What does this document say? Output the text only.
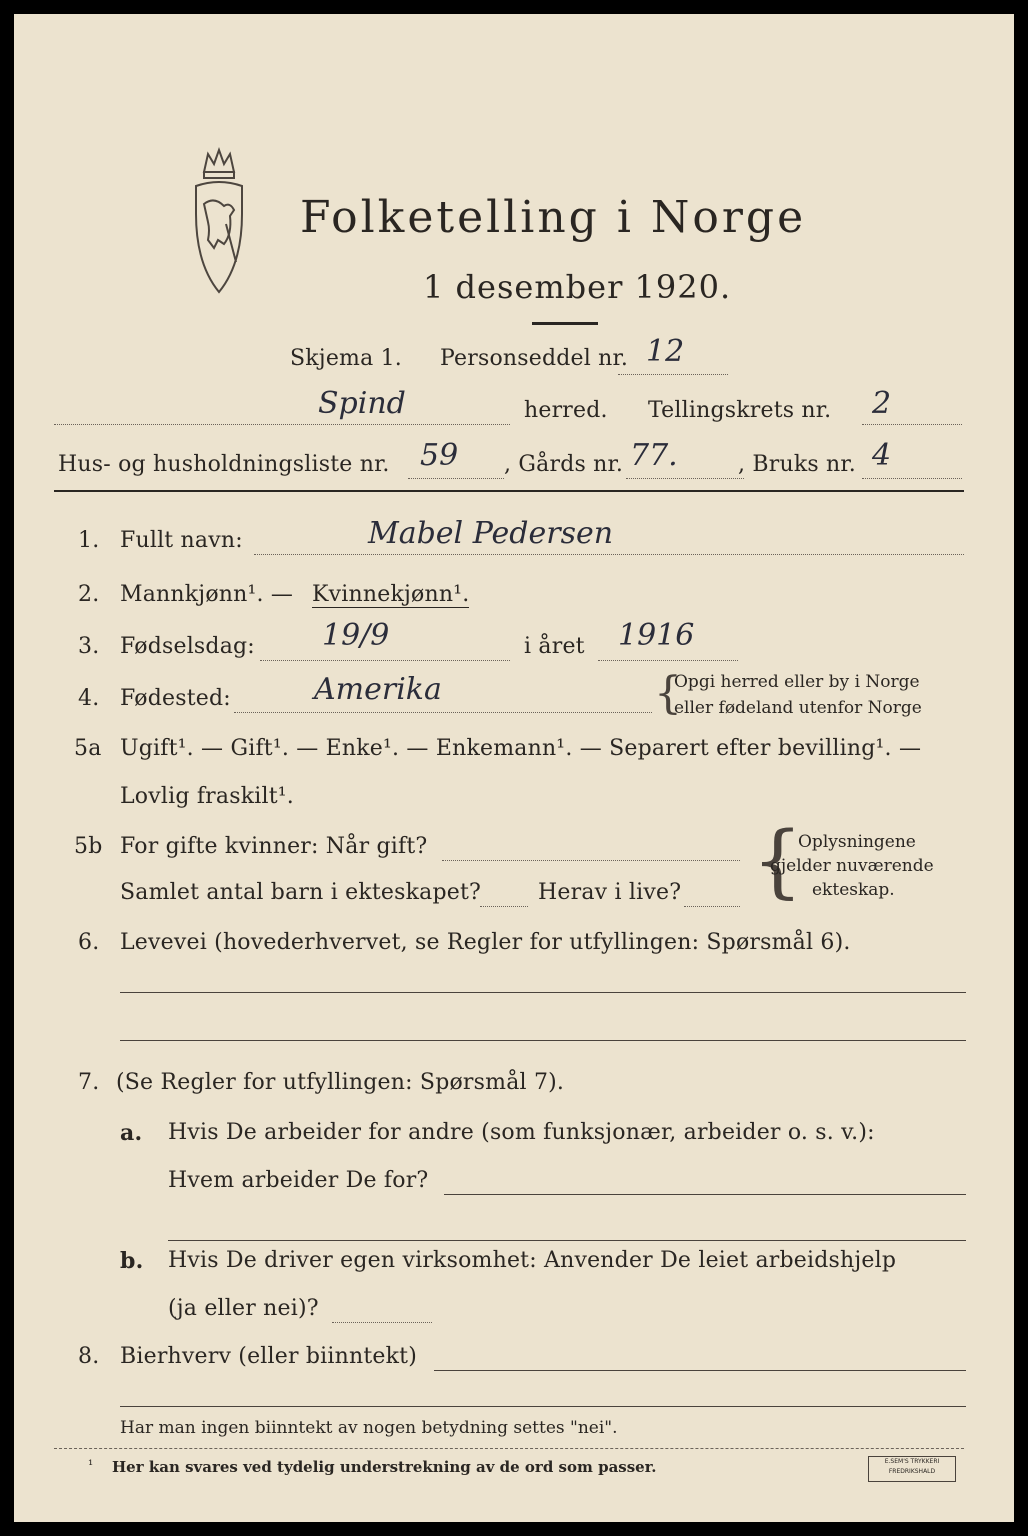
Folketelling i Norge
1 desember 1920.
Skjema 1. Personseddel nr. 12
Spind	herred. Tellingskrets nr. 2
Hus- og husholdningsliste nr. 59 , Gårds nr. 77.	, Bruks nr. 4
1. Fullt navn:	Mabel Pedersen
2. Mannkjønn¹. — Kvinnekjønn¹.
3. Fødselsdag: 19/9	i året 1916
4. Fødested:	Amerika	{
Opgi herred eller by i Norge
eller fødeland utenfor Norge
5a Ugift¹. — Gift¹. — Enke¹. — Enkemann¹. — Separert efter bevilling¹. —
Lovlig fraskilt¹.
5b For gifte kvinner: Når gift?
Samlet antal barn i ekteskapet?	Herav i live? {
Oplysningene
gjelder nuværende
ekteskap.
6. Levevei (hovederhvervet, se Regler for utfyllingen: Spørsmål 6).
7. (Se Regler for utfyllingen: Spørsmål 7).
a. Hvis De arbeider for andre (som funksjonær, arbeider o. s. v.):
Hvem arbeider De for?
b. Hvis De driver egen virksomhet: Anvender De leiet arbeidshjelp
(ja eller nei)?
8. Bierhverv (eller biinntekt)
Har man ingen biinntekt av nogen betydning settes "nei".
¹ Her kan svares ved tydelig understrekning av de ord som passer.	E.SEM'S TRYKKERI
FREDRIKSHALD
